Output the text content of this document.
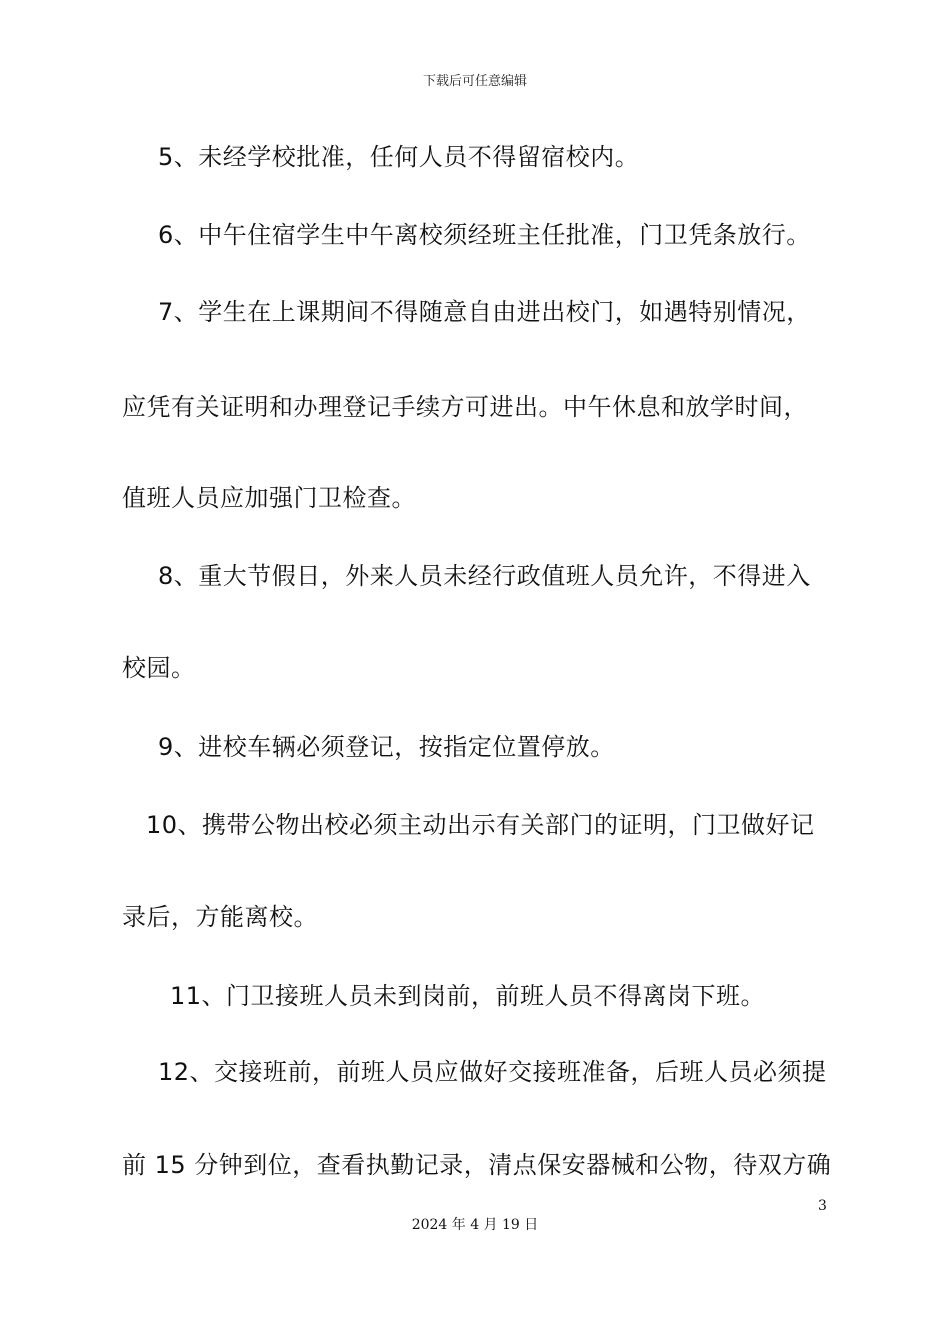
下载后可任意编辑
5、未经学校批准，任何人员不得留宿校内。
6、中午住宿学生中午离校须经班主任批准，门卫凭条放行。
7、学生在上课期间不得随意自由进出校门，如遇特别情况，
应凭有关证明和办理登记手续方可进出。中午休息和放学时间，
值班人员应加强门卫检查。
8、重大节假日，外来人员未经行政值班人员允许，不得进入
校园。
9、进校车辆必须登记，按指定位置停放。
10、携带公物出校必须主动出示有关部门的证明，门卫做好记
录后，方能离校。
11、门卫接班人员未到岗前，前班人员不得离岗下班。
12、交接班前，前班人员应做好交接班准备，后班人员必须提
前 15 分钟到位，查看执勤记录，清点保安器械和公物，待双方确
3
2024 年 4 月 19 日
